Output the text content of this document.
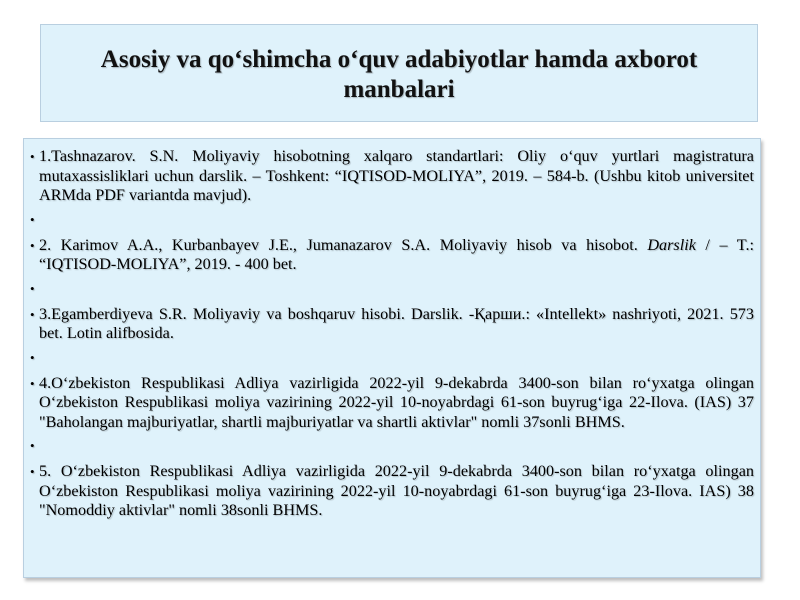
Asosiy va qo‘shimcha o‘quv adabiyotlar hamda axborot
manbalari
• 1.Tashnazarov. S.N. Moliyaviy hisobotning xalqaro standartlari: Oliy o‘quv yurtlari magistratura mutaxassisliklari uchun darslik. – Toshkent: “IQTISOD-MOLIYA”, 2019. – 584-b. (Ushbu kitob universitet ARMda PDF variantda mavjud).
•
• 2. Karimov A.A., Kurbanbayev J.E., Jumanazarov S.A. Moliyaviy hisob va hisobot. Darslik / – T.: “IQTISOD-MOLIYA”, 2019. - 400 bet.
•
• 3.Egamberdiyeva S.R. Moliyaviy va boshqaruv hisobi. Darslik. -Қарши.: «Intellekt» nashriyoti, 2021. 573 bet. Lotin alifbosida.
•
• 4.O‘zbekiston Respublikasi Adliya vazirligida 2022-yil 9-dekabrda 3400-son bilan ro‘yxatga olingan O‘zbekiston Respublikasi moliya vazirining 2022-yil 10-noyabrdagi 61-son buyrug‘iga 22-Ilova. (IAS) 37 "Baholangan majburiyatlar, shartli majburiyatlar va shartli aktivlar" nomli 37sonli BHMS.
•
• 5. O‘zbekiston Respublikasi Adliya vazirligida 2022-yil 9-dekabrda 3400-son bilan ro‘yxatga olingan O‘zbekiston Respublikasi moliya vazirining 2022-yil 10-noyabrdagi 61-son buyrug‘iga 23-Ilova. IAS) 38 "Nomoddiy aktivlar" nomli 38sonli BHMS.
